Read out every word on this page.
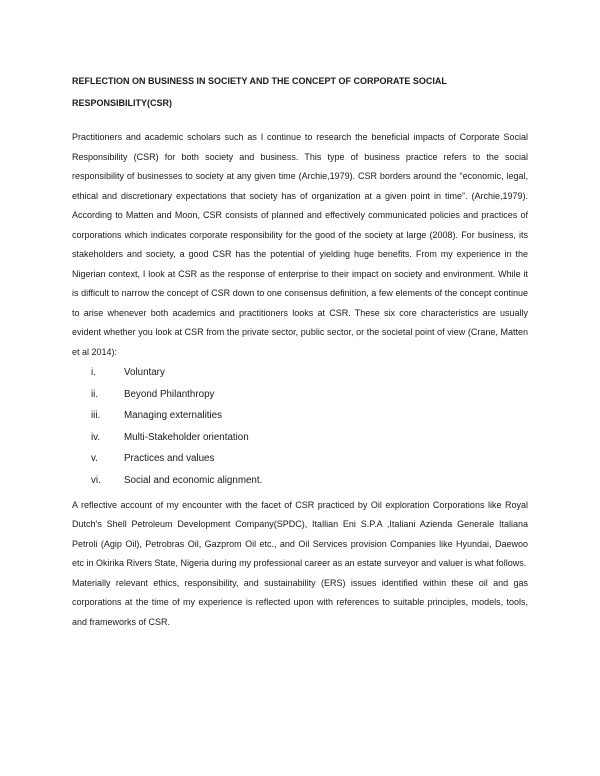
REFLECTION ON BUSINESS IN SOCIETY AND THE CONCEPT OF CORPORATE SOCIAL
RESPONSIBILITY(CSR)

Practitioners and academic scholars such as I continue to research the beneficial impacts of Corporate Social Responsibility (CSR) for both society and business. This type of business practice refers to the social responsibility of businesses to society at any given time (Archie,1979). CSR borders around the “economic, legal, ethical and discretionary expectations that society has of organization at a given point in time”. (Archie,1979). According to Matten and Moon, CSR consists of planned and effectively communicated policies and practices of corporations which indicates corporate responsibility for the good of the society at large (2008). For business, its stakeholders and society, a good CSR has the potential of yielding huge benefits. From my experience in the Nigerian context, I look at CSR as the response of enterprise to their impact on society and environment. While it is difficult to narrow the concept of CSR down to one consensus definition, a few elements of the concept continue to arise whenever both academics and practitioners looks at CSR. These six core characteristics are usually evident whether you look at CSR from the private sector, public sector, or the societal point of view (Crane, Matten et al 2014):

i.	Voluntary
ii.	Beyond Philanthropy
iii.	Managing externalities
iv.	Multi-Stakeholder orientation
v.	Practices and values
vi.	Social and economic alignment.

A reflective account of my encounter with the facet of CSR practiced by Oil exploration Corporations like Royal Dutch’s Shell Petroleum Development Company(SPDC), Itallian Eni S.P.A ,Italiani Azienda Generale Italiana Petroli (Agip Oil), Petrobras Oil, Gazprom Oil etc., and Oil Services provision Companies like Hyundai, Daewoo etc in Okirika Rivers State, Nigeria during my professional career as an estate surveyor and valuer is what follows.

Materially relevant ethics, responsibility, and sustainability (ERS) issues identified within these oil and gas corporations at the time of my experience is reflected upon with references to suitable principles, models, tools, and frameworks of CSR.
